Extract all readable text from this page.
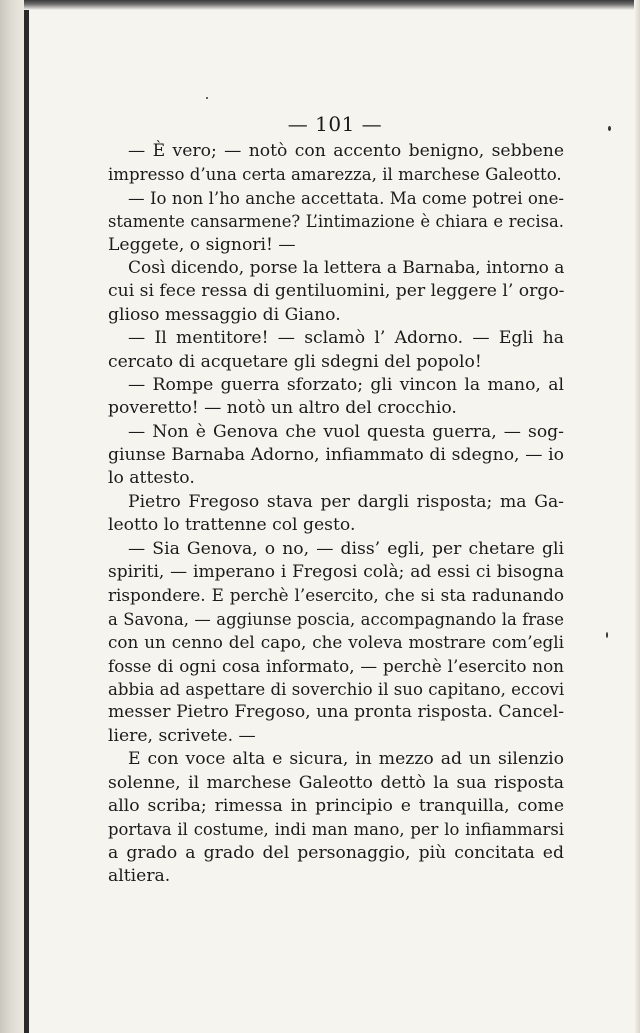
— 101 —
— È vero; — notò con accento benigno, sebbene
impresso d’una certa amarezza, il marchese Galeotto.
— Io non l’ho anche accettata. Ma come potrei one-
stamente cansarmene? L’intimazione è chiara e recisa.
Leggete, o signori! —
Così dicendo, porse la lettera a Barnaba, intorno a
cui si fece ressa di gentiluomini, per leggere l’ orgo-
glioso messaggio di Giano.
— Il mentitore! — sclamò l’ Adorno. — Egli ha
cercato di acquetare gli sdegni del popolo!
— Rompe guerra sforzato; gli vincon la mano, al
poveretto! — notò un altro del crocchio.
— Non è Genova che vuol questa guerra, — sog-
giunse Barnaba Adorno, infiammato di sdegno, — io
lo attesto.
Pietro Fregoso stava per dargli risposta; ma Ga-
leotto lo trattenne col gesto.
— Sia Genova, o no, — diss’ egli, per chetare gli
spiriti, — imperano i Fregosi colà; ad essi ci bisogna
rispondere. E perchè l’esercito, che si sta radunando
a Savona, — aggiunse poscia, accompagnando la frase
con un cenno del capo, che voleva mostrare com’egli
fosse di ogni cosa informato, — perchè l’esercito non
abbia ad aspettare di soverchio il suo capitano, eccovi
messer Pietro Fregoso, una pronta risposta. Cancel-
liere, scrivete. —
E con voce alta e sicura, in mezzo ad un silenzio
solenne, il marchese Galeotto dettò la sua risposta
allo scriba; rimessa in principio e tranquilla, come
portava il costume, indi man mano, per lo infiammarsi
a grado a grado del personaggio, più concitata ed
altiera.
